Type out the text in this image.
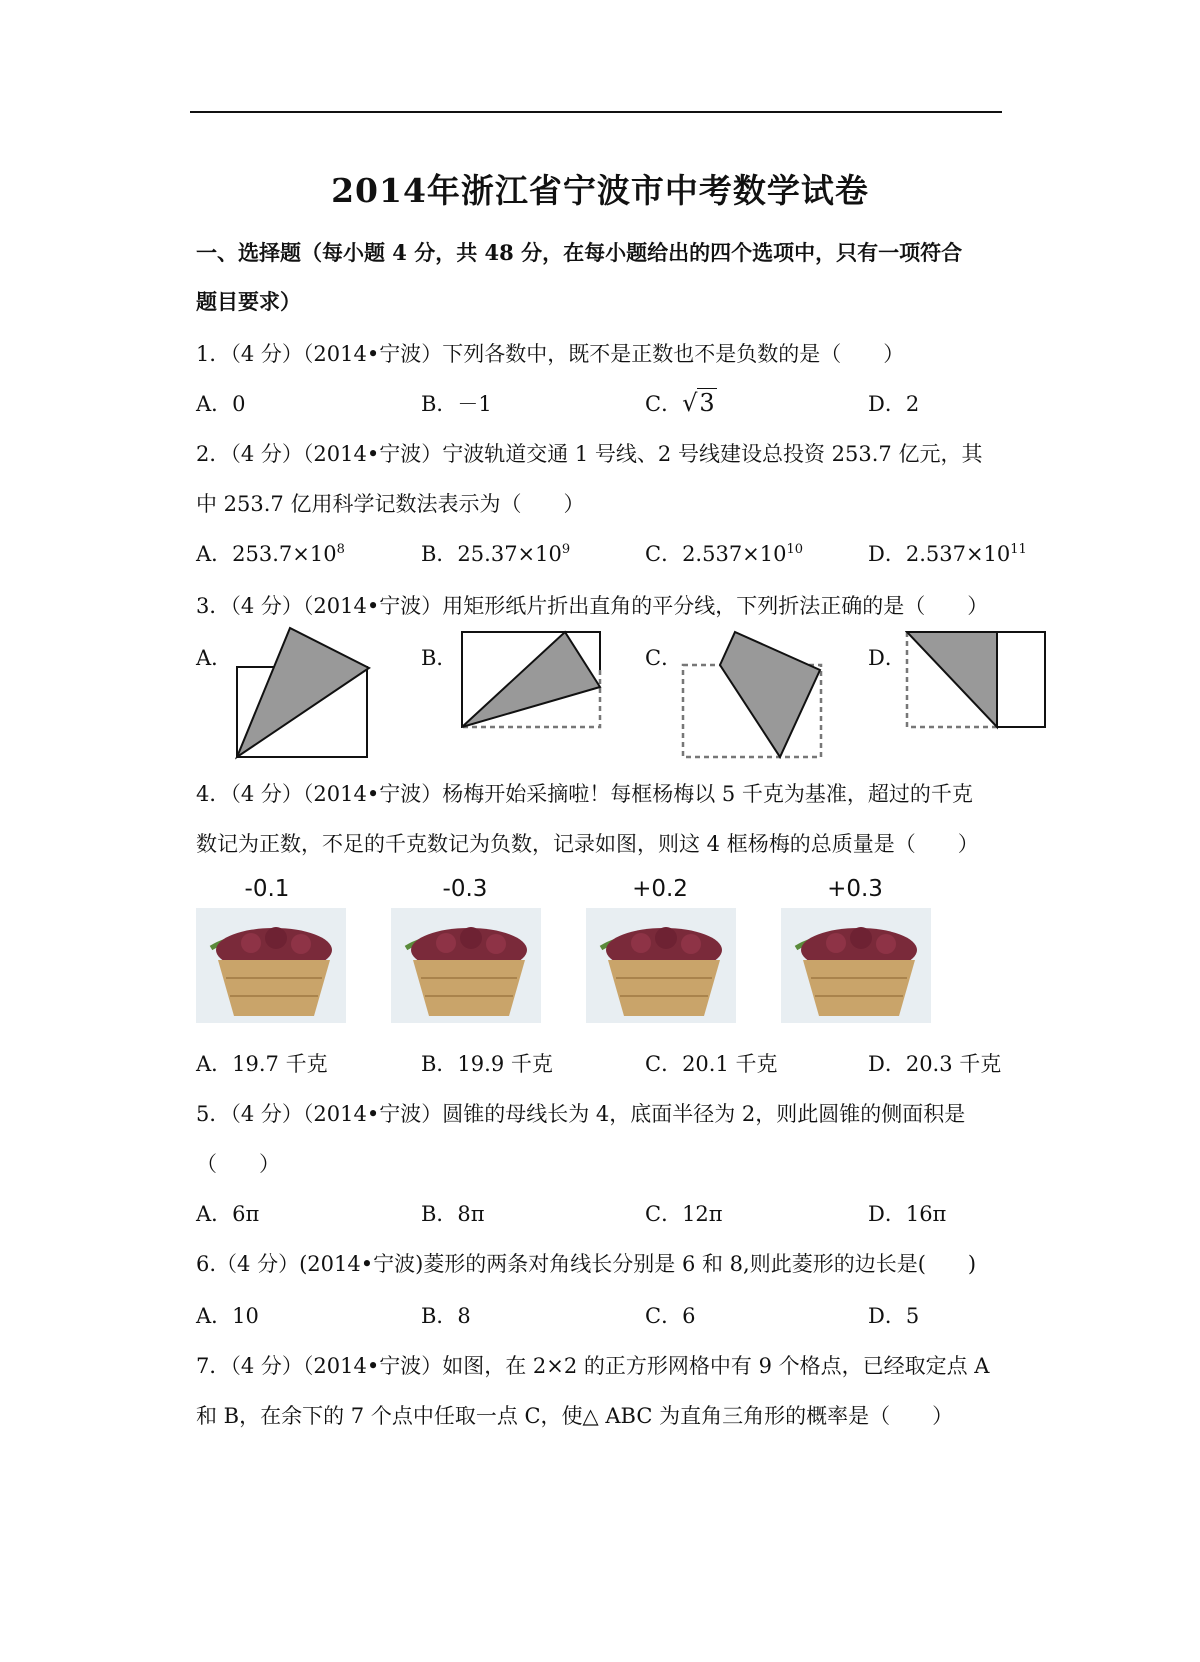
2014年浙江省宁波市中考数学试卷
一、选择题（每小题 4 分，共 48 分，在每小题给出的四个选项中，只有一项符合
题目要求）
1．（4 分）（2014•宁波）下列各数中，既不是正数也不是负数的是（　　）
A．0	B．－1	C．√3	D．2
2．（4 分）（2014•宁波）宁波轨道交通 1 号线、2 号线建设总投资 253.7 亿元，其
中 253.7 亿用科学记数法表示为（　　）
A．$253.7\times 10^8$	B．$25.37\times 10^9$	C．$2.537\times 10^{10}$	D．$2.537\times 10^{11}$
3．（4 分）（2014•宁波）用矩形纸片折出直角的平分线，下列折法正确的是（　　）
A．	B．	C．	D．
4．（4 分）（2014•宁波）杨梅开始采摘啦！每框杨梅以 5 千克为基准，超过的千克
数记为正数，不足的千克数记为负数，记录如图，则这 4 框杨梅的总质量是（　　）
-0.1	-0.3	+0.2	+0.3
A．19.7 千克	B．19.9 千克	C．20.1 千克	D．20.3 千克
5．（4 分）（2014•宁波）圆锥的母线长为 4，底面半径为 2，则此圆锥的侧面积是
（　　）
A．6π	B．8π	C．12π	D．16π
6.（4 分）(2014•宁波)菱形的两条对角线长分别是 6 和 8,则此菱形的边长是(　　)
A．10	B．8	C．6	D．5
7．（4 分）（2014•宁波）如图，在 2×2 的正方形网格中有 9 个格点，已经取定点 A
和 B，在余下的 7 个点中任取一点 C，使△ ABC 为直角三角形的概率是（　　）
